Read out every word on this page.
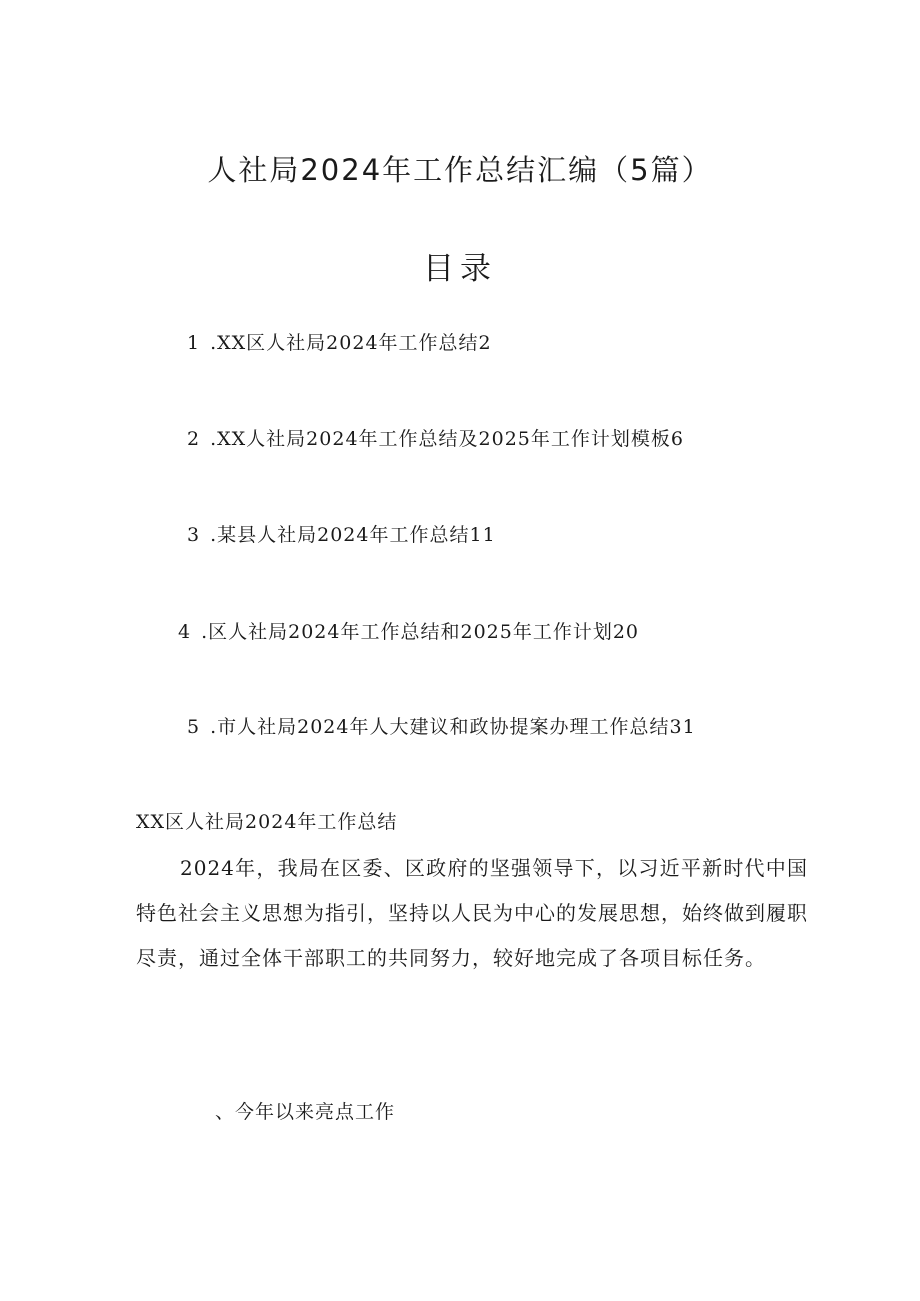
人社局2024年工作总结汇编（5篇）
目录
1 .XX区人社局2024年工作总结2
2 .XX人社局2024年工作总结及2025年工作计划模板6
3 .某县人社局2024年工作总结11
4 .区人社局2024年工作总结和2025年工作计划20
5 .市人社局2024年人大建议和政协提案办理工作总结31
XX区人社局2024年工作总结

2024年，我局在区委、区政府的坚强领导下，以习近平新时代中国特色社会主义思想为指引，坚持以人民为中心的发展思想，始终做到履职尽责，通过全体干部职工的共同努力，较好地完成了各项目标任务。

、今年以来亮点工作
